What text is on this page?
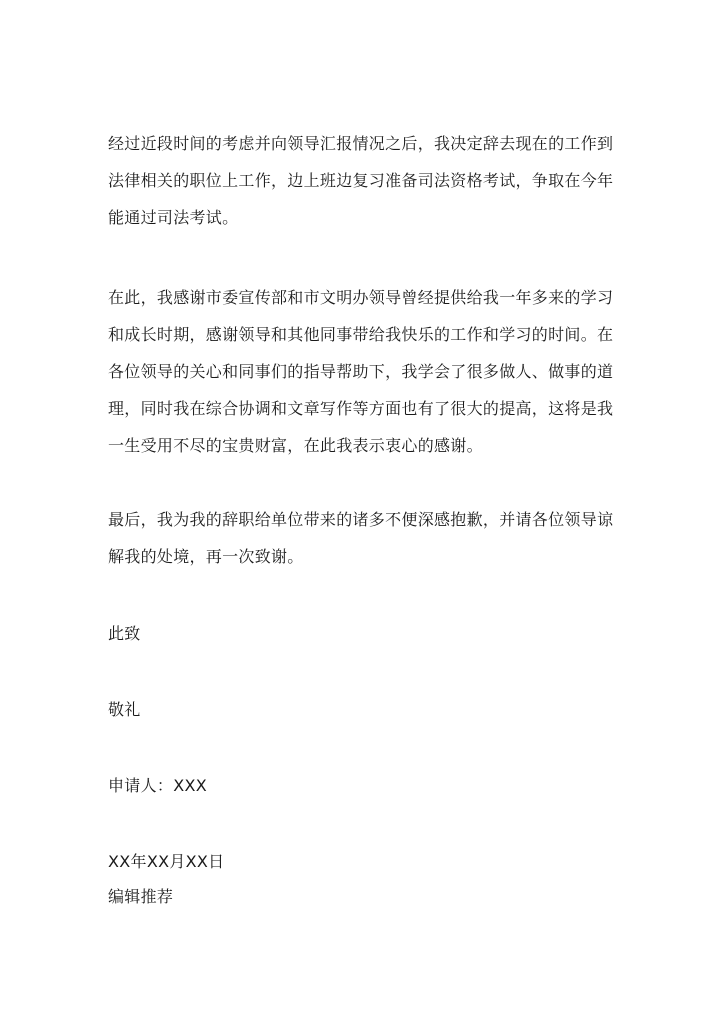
经过近段时间的考虑并向领导汇报情况之后，我决定辞去现在的工作到法律相关的职位上工作，边上班边复习准备司法资格考试，争取在今年能通过司法考试。

在此，我感谢市委宣传部和市文明办领导曾经提供给我一年多来的学习和成长时期，感谢领导和其他同事带给我快乐的工作和学习的时间。在各位领导的关心和同事们的指导帮助下，我学会了很多做人、做事的道理，同时我在综合协调和文章写作等方面也有了很大的提高，这将是我一生受用不尽的宝贵财富，在此我表示衷心的感谢。

最后，我为我的辞职给单位带来的诸多不便深感抱歉，并请各位领导谅解我的处境，再一次致谢。

此致

敬礼

申请人：XXX

XX年XX月XX日

编辑推荐
